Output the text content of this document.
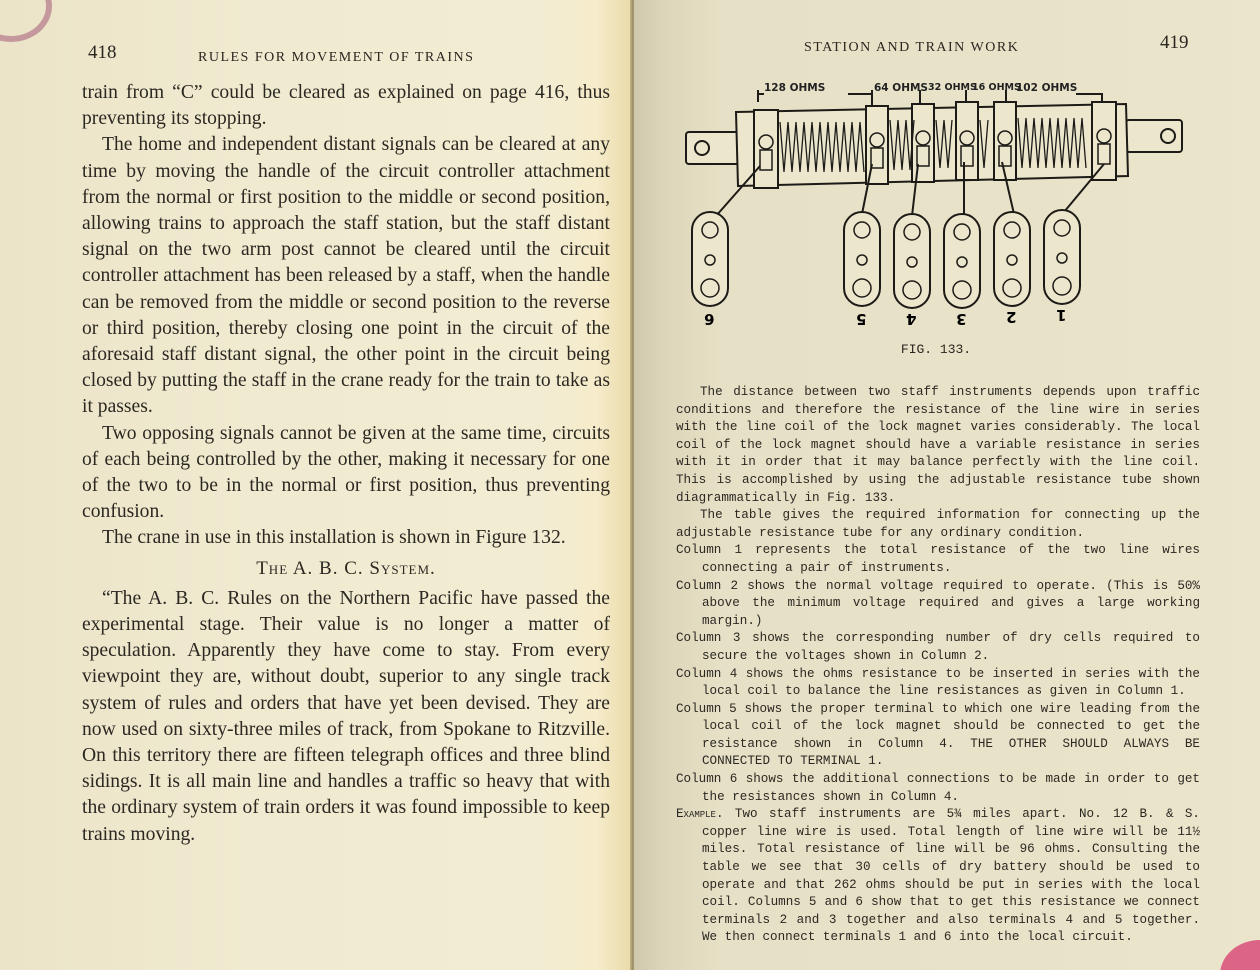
418	RULES FOR MOVEMENT OF TRAINS

train from “C” could be cleared as explained on page 416, thus preventing its stopping.

The home and independent distant signals can be cleared at any time by moving the handle of the circuit controller attachment from the normal or first position to the middle or second position, allowing trains to approach the staff station, but the staff distant signal on the two arm post cannot be cleared until the circuit controller attachment has been released by a staff, when the handle can be removed from the middle or second position to the reverse or third position, thereby closing one point in the circuit of the aforesaid staff distant signal, the other point in the circuit being closed by putting the staff in the crane ready for the train to take as it passes.

Two opposing signals cannot be given at the same time, circuits of each being controlled by the other, making it necessary for one of the two to be in the normal or first position, thus preventing confusion.

The crane in use in this installation is shown in Figure 132.

The A. B. C. System.

“The A. B. C. Rules on the Northern Pacific have passed the experimental stage. Their value is no longer a matter of speculation. Apparently they have come to stay. From every viewpoint they are, without doubt, superior to any single track system of rules and orders that have yet been devised. They are now used on sixty-three miles of track, from Spokane to Ritzville. On this territory there are fifteen telegraph offices and three blind sidings. It is all main line and handles a traffic so heavy that with the ordinary system of train orders it was found impossible to keep trains moving.

STATION AND TRAIN WORK	419
128 OHMS	64 OHMS 32 OHMS
16 OHMS
102 OHMS
6	5	4	3	2	1
FIG. 133.

The distance between two staff instruments depends upon traffic conditions and therefore the resistance of the line wire in series with the line coil of the lock magnet varies considerably. The local coil of the lock magnet should have a variable resistance in series with it in order that it may balance perfectly with the line coil. This is accomplished by using the adjustable resistance tube shown diagrammatically in Fig. 133.

The table gives the required information for connecting up the adjustable resistance tube for any ordinary condition.

Column 1 represents the total resistance of the two line wires connecting a pair of instruments.

Column 2 shows the normal voltage required to operate. (This is 50% above the minimum voltage required and gives a large working margin.)

Column 3 shows the corresponding number of dry cells required to secure the voltages shown in Column 2.

Column 4 shows the ohms resistance to be inserted in series with the local coil to balance the line resistances as given in Column 1.

Column 5 shows the proper terminal to which one wire leading from the local coil of the lock magnet should be connected to get the resistance shown in Column 4. THE OTHER SHOULD ALWAYS BE CONNECTED TO TERMINAL 1.

Column 6 shows the additional connections to be made in order to get the resistances shown in Column 4.

Example. Two staff instruments are 5¾ miles apart. No. 12 B. & S. copper line wire is used. Total length of line wire will be 11½ miles. Total resistance of line will be 96 ohms. Consulting the table we see that 30 cells of dry battery should be used to operate and that 262 ohms should be put in series with the local coil. Columns 5 and 6 show that to get this resistance we connect terminals 2 and 3 together and also terminals 4 and 5 together. We then connect terminals 1 and 6 into the local circuit.
